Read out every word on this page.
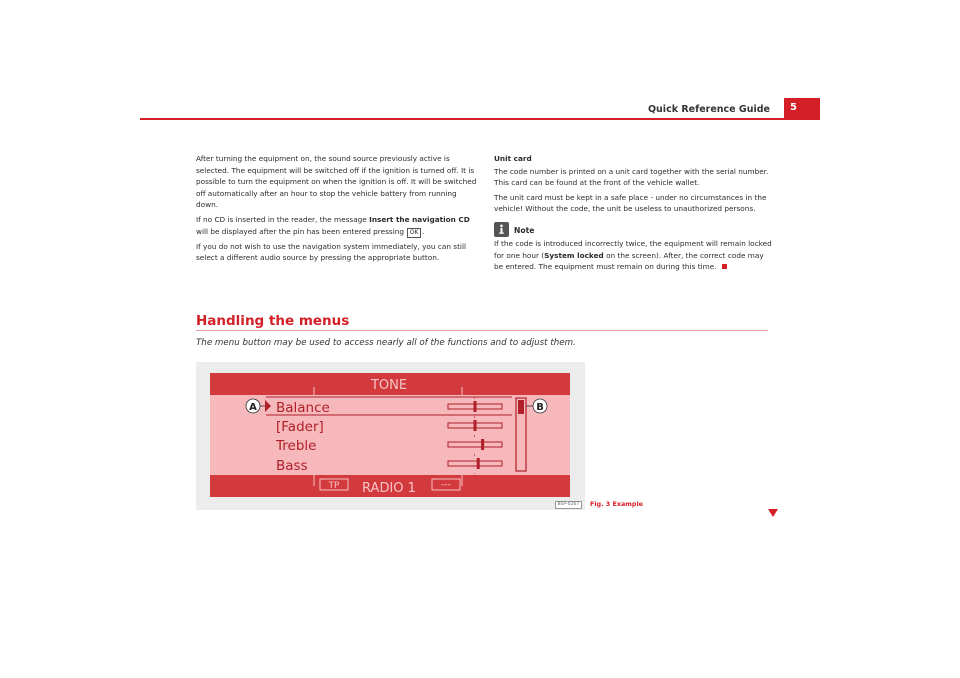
Quick Reference Guide	5

After turning the equipment on, the sound source previously active is selected. The equipment will be switched off if the ignition is turned off. It is possible to turn the equipment on when the ignition is off. It will be switched off automatically after an hour to stop the vehicle battery from running down.

If no CD is inserted in the reader, the message Insert the navigation CD will be displayed after the pin has been entered pressing OK .

If you do not wish to use the navigation system immediately, you can still select a different audio source by pressing the appropriate button.

Unit card

The code number is printed on a unit card together with the serial number. This card can be found at the front of the vehicle wallet.

The unit card must be kept in a safe place - under no circumstances in the vehicle! Without the code, the unit be useless to unauthorized persons.

Note

If the code is introduced incorrectly twice, the equipment will remain locked for one hour (System locked on the screen). After, the correct code may be entered. The equipment must remain on during this time.

Handling the menus
The menu button may be used to access nearly all of the functions and to adjust them.
TONE
TP RADIO 1	---
Balance
[Fader]
Treble
Bass
A	B
BSP-0267	Fig. 3 Example
